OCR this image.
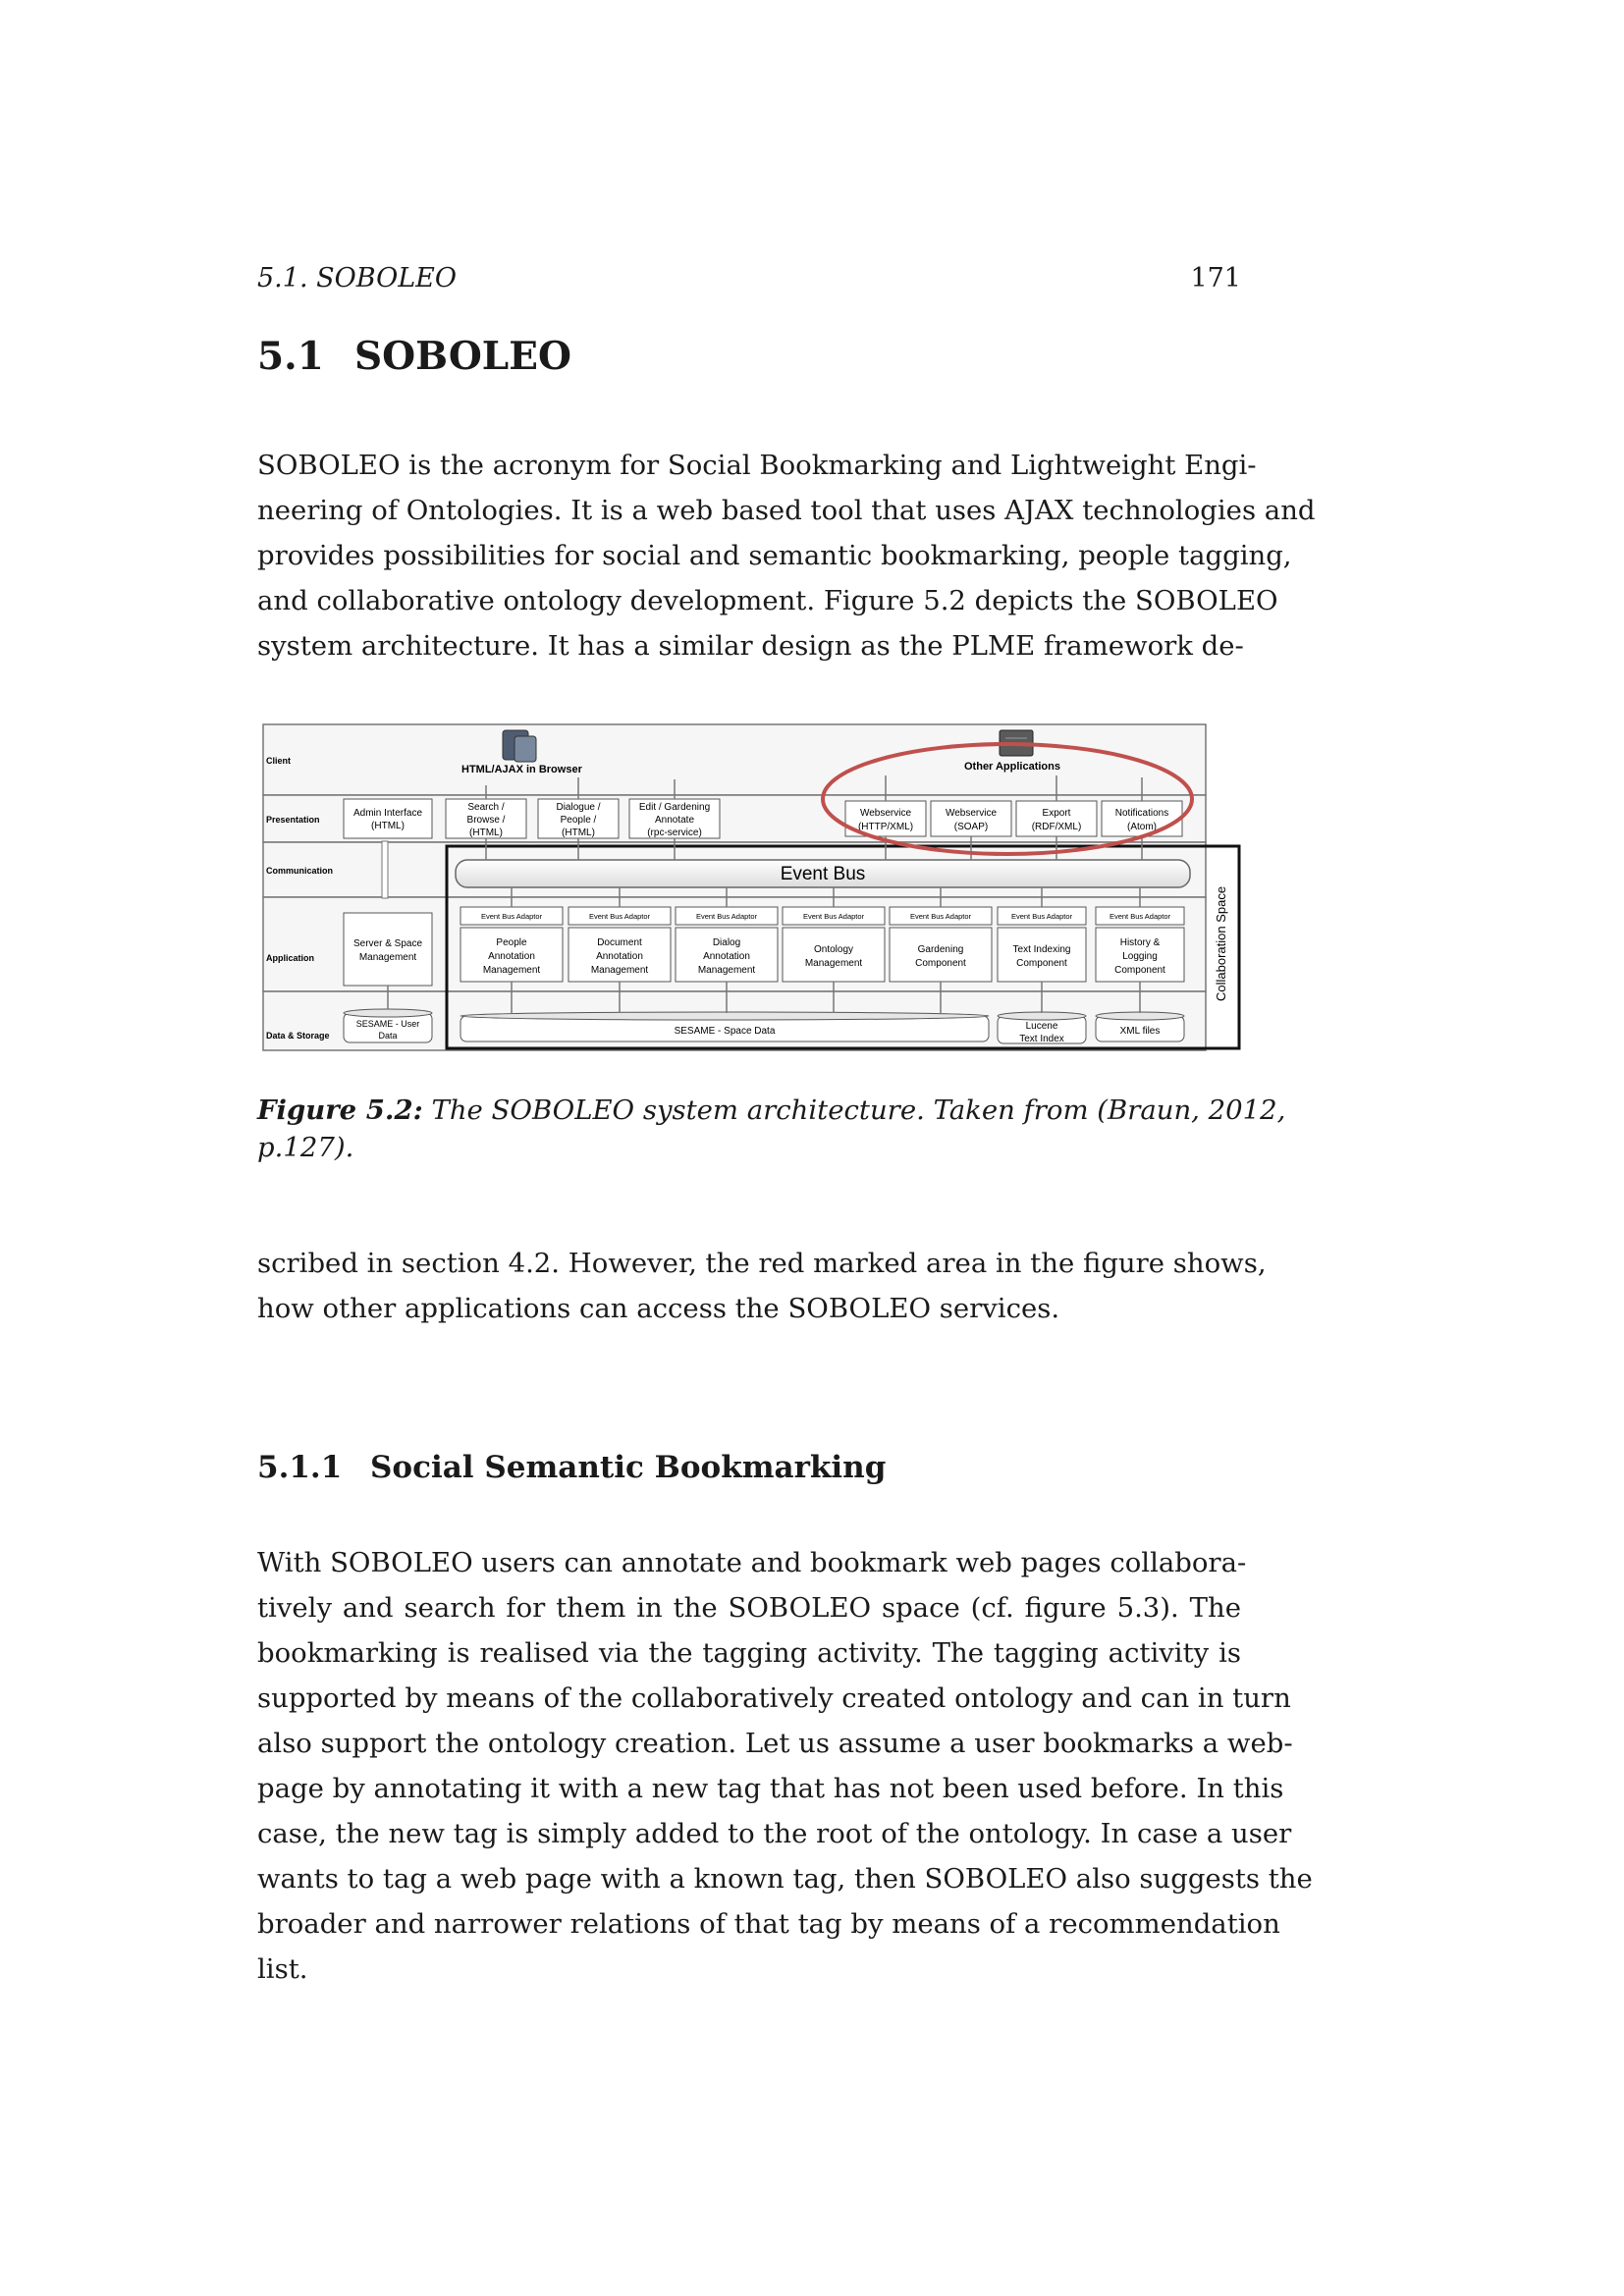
5.1. SOBOLEO	171
5.1 SOBOLEO

SOBOLEO is the acronym for Social Bookmarking and Lightweight Engi-
neering of Ontologies. It is a web based tool that uses AJAX technologies and
provides possibilities for social and semantic bookmarking, people tagging,
and collaborative ontology development. Figure 5.2 depicts the SOBOLEO
system architecture. It has a similar design as the PLME framework de-

Client
Presentation
Communication
Application
Data & Storage
HTML/AJAX in Browser	Other Applications
Collaboration Space
Event Bus
Admin Interface
(HTML)
Search /
Browse /
(HTML)
Dialogue /
People /
(HTML)
Edit / Gardening
Annotate
(rpc-service)
Webservice
(HTTP/XML)
Webservice
(SOAP)
Export
(RDF/XML)
Notifications
(Atom)
Event Bus Adaptor	Event Bus Adaptor	Event Bus Adaptor	Event Bus Adaptor	Event Bus Adaptor	Event Bus Adaptor	Event Bus Adaptor
Server & Space
Management
People
Annotation
Management
Document
Annotation
Management
Dialog
Annotation
Management
Ontology
Management
Gardening
Component
Text Indexing
Component
History &
Logging
Component
SESAME - User
Data	SESAME - Space Data	Lucene
Text Index
XML files
Figure 5.2: The SOBOLEO system architecture. Taken from (Braun, 2012,
p.127).

scribed in section 4.2. However, the red marked area in the figure shows,
how other applications can access the SOBOLEO services.

5.1.1 Social Semantic Bookmarking

With SOBOLEO users can annotate and bookmark web pages collabora-
tively and search for them in the SOBOLEO space (cf. figure 5.3). The
bookmarking is realised via the tagging activity. The tagging activity is
supported by means of the collaboratively created ontology and can in turn
also support the ontology creation. Let us assume a user bookmarks a web-
page by annotating it with a new tag that has not been used before. In this
case, the new tag is simply added to the root of the ontology. In case a user
wants to tag a web page with a known tag, then SOBOLEO also suggests the
broader and narrower relations of that tag by means of a recommendation
list.
